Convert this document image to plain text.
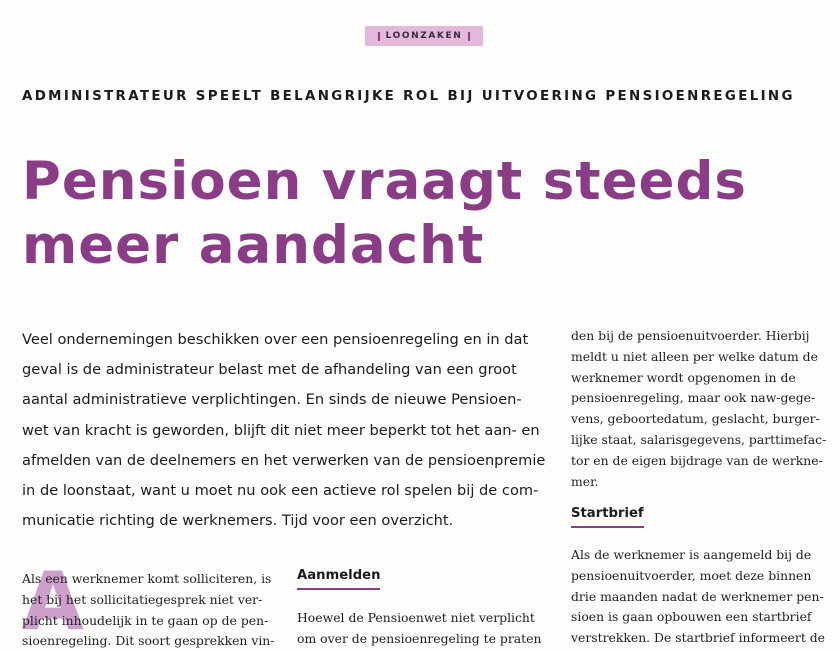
LOONZAKEN
ADMINISTRATEUR SPEELT BELANGRIJKE ROL BIJ UITVOERING PENSIOENREGELING
Pensioen vraagt steeds
meer aandacht
Veel ondernemingen beschikken over een pensioenregeling en in dat
geval is de administrateur belast met de afhandeling van een groot
aantal administratieve verplichtingen. En sinds de nieuwe Pensioen-
wet van kracht is geworden, blijft dit niet meer beperkt tot het aan- en
afmelden van de deelnemers en het verwerken van de pensioenpremie
in de loonstaat, want u moet nu ook een actieve rol spelen bij de com-
municatie richting de werknemers. Tijd voor een overzicht.
den bij de pensioenuitvoerder. Hierbij
meldt u niet alleen per welke datum de
werknemer wordt opgenomen in de
pensioenregeling, maar ook naw-gege-
vens, geboortedatum, geslacht, burger-
lijke staat, salarisgegevens, parttimefac-
tor en de eigen bijdrage van de werkne-
mer.
Startbrief
Als de werknemer is aangemeld bij de
pensioenuitvoerder, moet deze binnen
drie maanden nadat de werknemer pen-
sioen is gaan opbouwen een startbrief
verstrekken. De startbrief informeert de
A
Als een werknemer komt solliciteren, is
het bij het sollicitatiegesprek niet ver-
plicht inhoudelijk in te gaan op de pen-
sioenregeling. Dit soort gesprekken vin-
Aanmelden
Hoewel de Pensioenwet niet verplicht
om over de pensioenregeling te praten
